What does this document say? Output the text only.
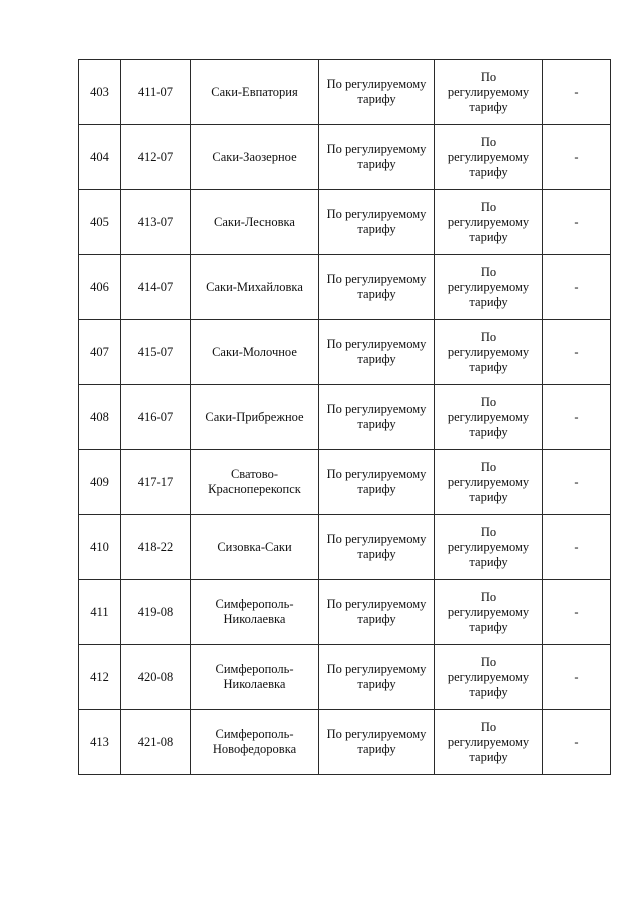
403	411-07	Саки-Евпатория	По регулируемому тарифу	По регулируемому тарифу	-
404	412-07	Саки-Заозерное	По регулируемому тарифу	По регулируемому тарифу	-
405	413-07	Саки-Лесновка	По регулируемому тарифу	По регулируемому тарифу	-
406	414-07	Саки-Михайловка	По регулируемому тарифу	По регулируемому тарифу	-
407	415-07	Саки-Молочное	По регулируемому тарифу	По регулируемому тарифу	-
408	416-07	Саки-Прибрежное	По регулируемому тарифу	По регулируемому тарифу	-
409	417-17	Сватово-Красноперекопск	По регулируемому тарифу	По регулируемому тарифу	-
410	418-22	Сизовка-Саки	По регулируемому тарифу	По регулируемому тарифу	-
411	419-08	Симферополь-Николаевка	По регулируемому тарифу	По регулируемому тарифу	-
412	420-08	Симферополь-Николаевка	По регулируемому тарифу	По регулируемому тарифу	-
413	421-08	Симферополь-Новофедоровка	По регулируемому тарифу	По регулируемому тарифу	-
